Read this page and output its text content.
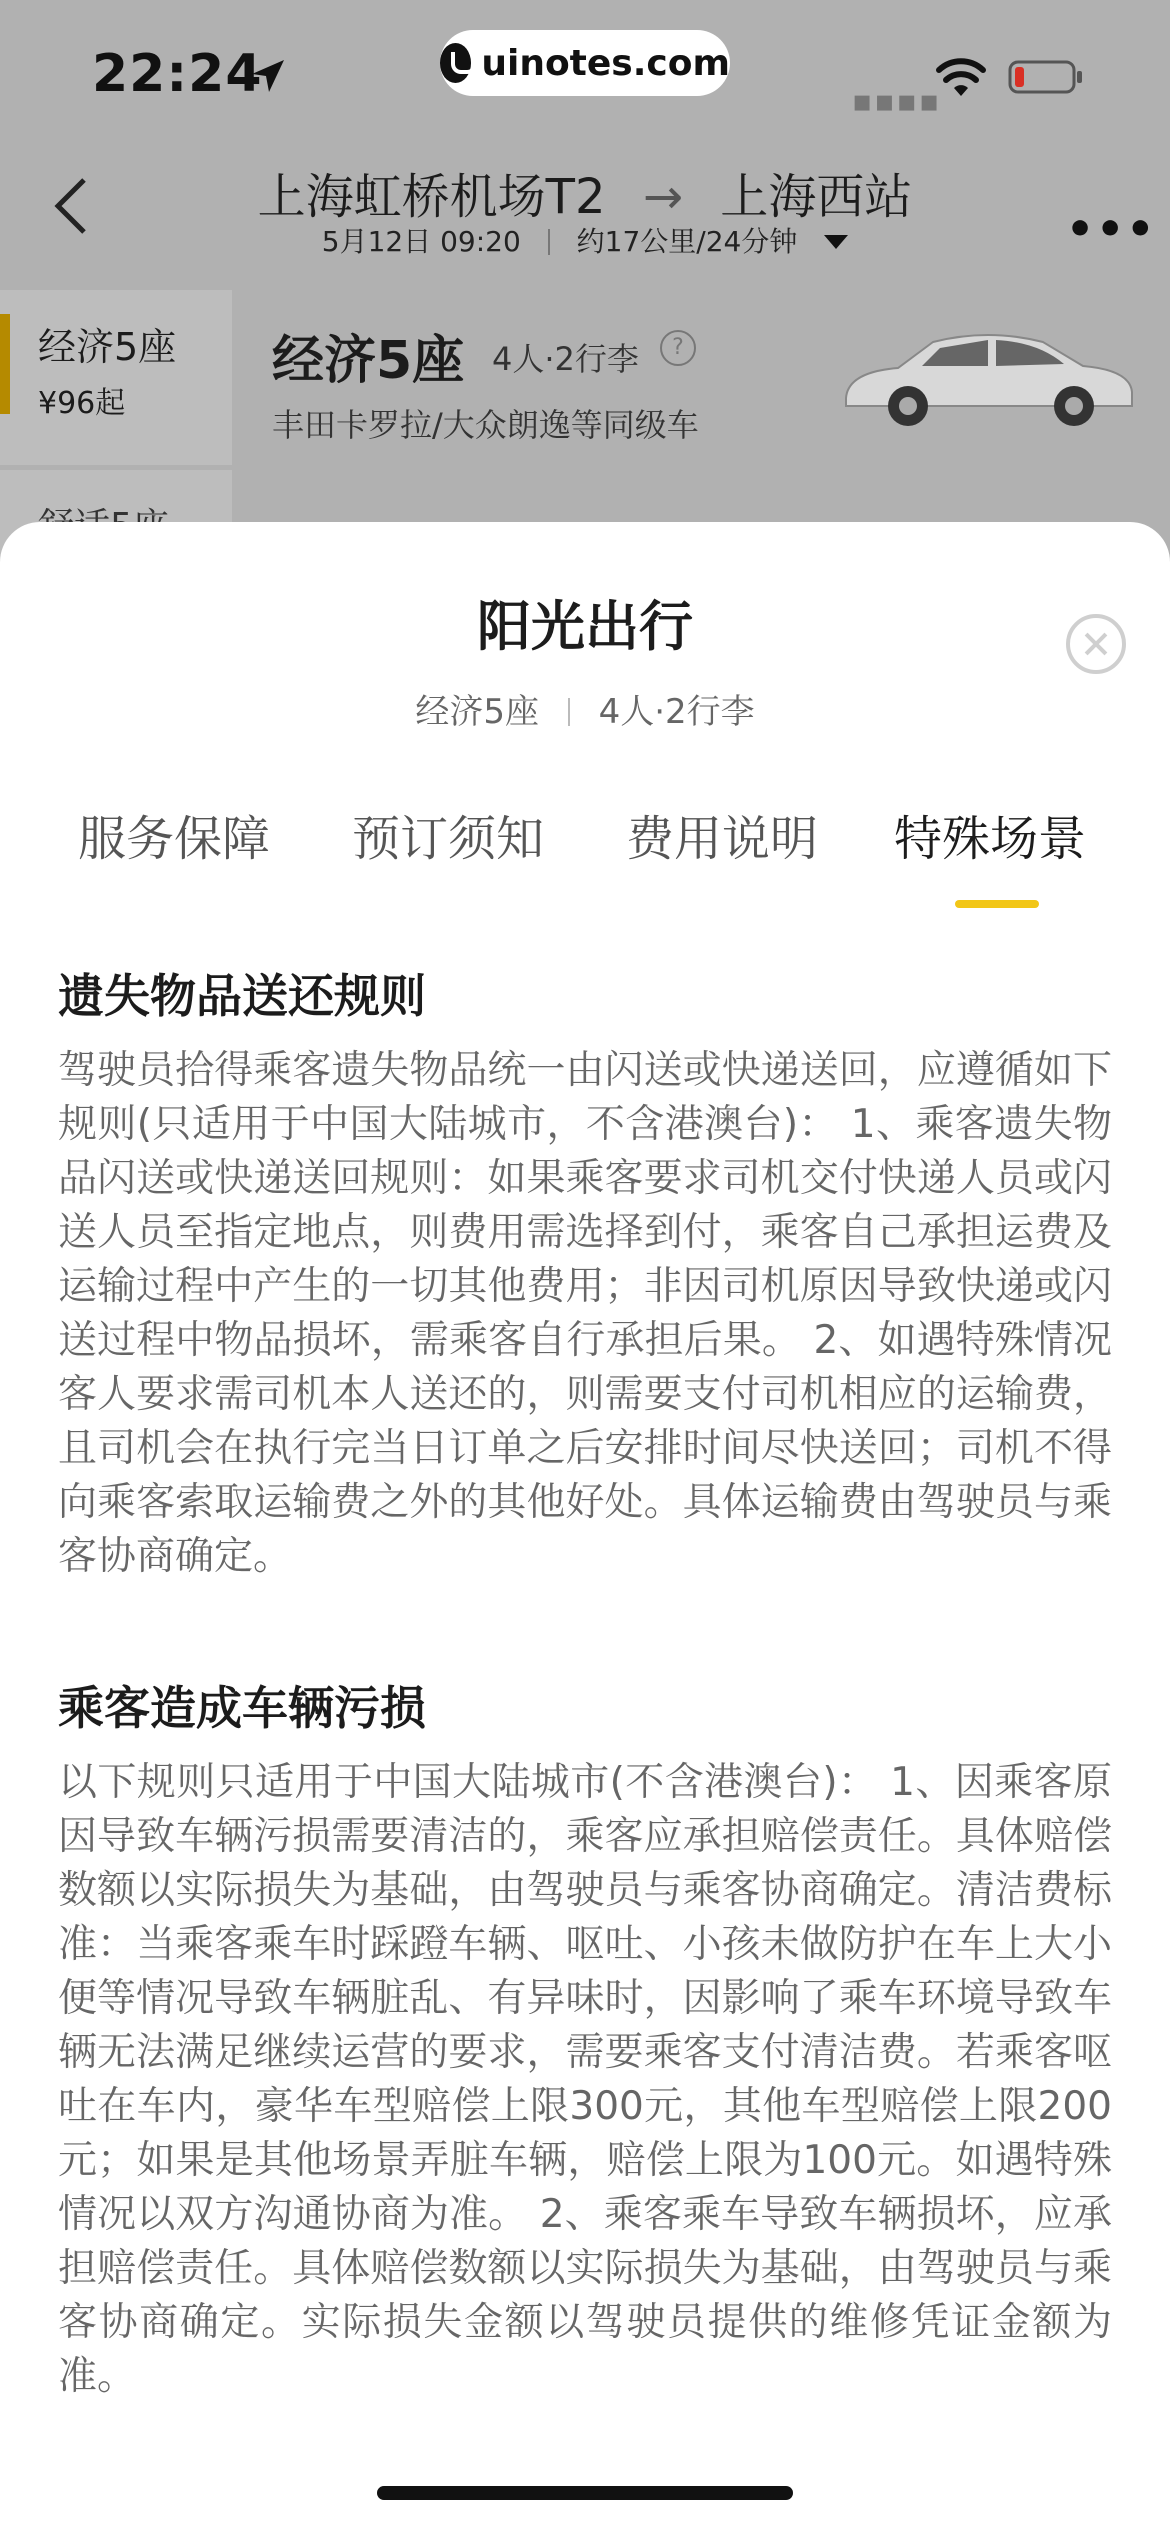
22:24	uinotes.com
▪▪▪▪
上海虹桥机场T2 → 上海西站
5月12日 09:20 约17公里/24分钟	•••
经济5座
¥96起
经济5座 4人·2行李	?
丰田卡罗拉/大众朗逸等同级车
阳光出行
经济5座 4人·2行李
服务保障 预订须知 费用说明 特殊场景
遗失物品送还规则
驾驶员拾得乘客遗失物品统一由闪送或快递送回，应遵循如下规则(只适用于中国大陆城市，不含港澳台)： 1、乘客遗失物品闪送或快递送回规则：如果乘客要求司机交付快递人员或闪送人员至指定地点，则费用需选择到付，乘客自己承担运费及运输过程中产生的一切其他费用；非因司机原因导致快递或闪送过程中物品损坏，需乘客自行承担后果。 2、如遇特殊情况客人要求需司机本人送还的，则需要支付司机相应的运输费，且司机会在执行完当日订单之后安排时间尽快送回；司机不得向乘客索取运输费之外的其他好处。具体运输费由驾驶员与乘客协商确定。
乘客造成车辆污损
以下规则只适用于中国大陆城市(不含港澳台)： 1、因乘客原因导致车辆污损需要清洁的，乘客应承担赔偿责任。具体赔偿数额以实际损失为基础，由驾驶员与乘客协商确定。清洁费标准：当乘客乘车时踩蹬车辆、呕吐、小孩未做防护在车上大小便等情况导致车辆脏乱、有异味时，因影响了乘车环境导致车辆无法满足继续运营的要求，需要乘客支付清洁费。若乘客呕吐在车内，豪华车型赔偿上限300元，其他车型赔偿上限200元；如果是其他场景弄脏车辆，赔偿上限为100元。如遇特殊情况以双方沟通协商为准。 2、乘客乘车导致车辆损坏，应承担赔偿责任。具体赔偿数额以实际损失为基础，由驾驶员与乘客协商确定。实际损失金额以驾驶员提供的维修凭证金额为准。
